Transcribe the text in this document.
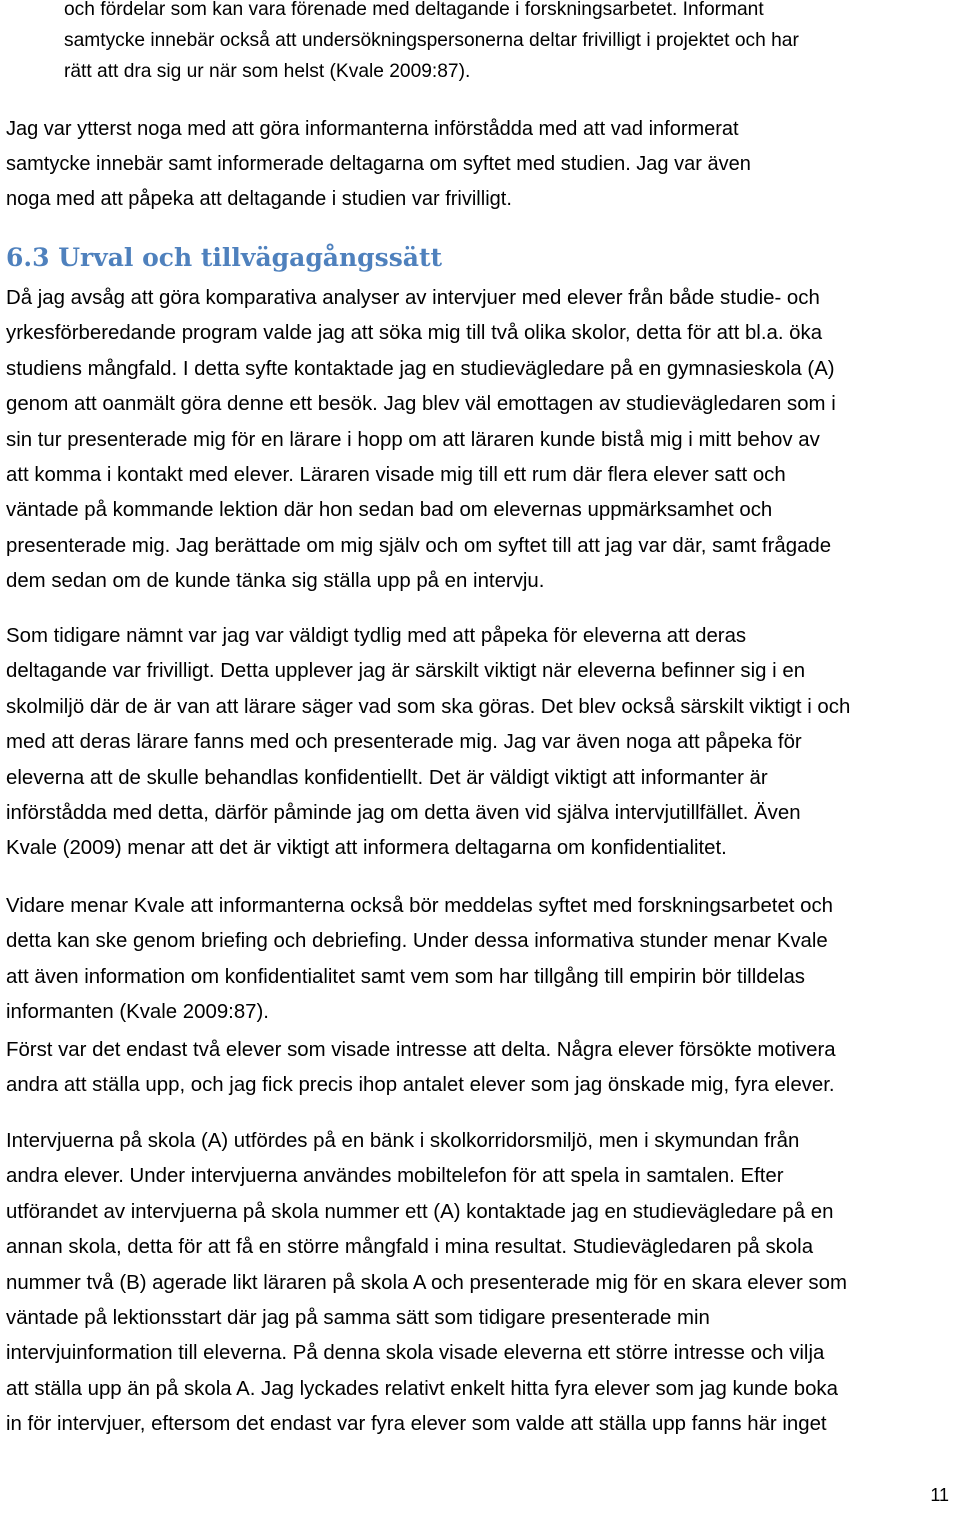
och fördelar som kan vara förenade med deltagande i forskningsarbetet. Informant
samtycke innebär också att undersökningspersonerna deltar frivilligt i projektet och har
rätt att dra sig ur när som helst (Kvale 2009:87).
Jag var ytterst noga med att göra informanterna införstådda med att vad informerat
samtycke innebär samt informerade deltagarna om syftet med studien. Jag var även
noga med att påpeka att deltagande i studien var frivilligt.
6.3 Urval och tillvägagångssätt
Då jag avsåg att göra komparativa analyser av intervjuer med elever från både studie- och
yrkesförberedande program valde jag att söka mig till två olika skolor, detta för att bl.a. öka
studiens mångfald. I detta syfte kontaktade jag en studievägledare på en gymnasieskola (A)
genom att oanmält göra denne ett besök. Jag blev väl emottagen av studievägledaren som i
sin tur presenterade mig för en lärare i hopp om att läraren kunde bistå mig i mitt behov av
att komma i kontakt med elever. Läraren visade mig till ett rum där flera elever satt och
väntade på kommande lektion där hon sedan bad om elevernas uppmärksamhet och
presenterade mig. Jag berättade om mig själv och om syftet till att jag var där, samt frågade
dem sedan om de kunde tänka sig ställa upp på en intervju.
Som tidigare nämnt var jag var väldigt tydlig med att påpeka för eleverna att deras
deltagande var frivilligt. Detta upplever jag är särskilt viktigt när eleverna befinner sig i en
skolmiljö där de är van att lärare säger vad som ska göras. Det blev också särskilt viktigt i och
med att deras lärare fanns med och presenterade mig. Jag var även noga att påpeka för
eleverna att de skulle behandlas konfidentiellt. Det är väldigt viktigt att informanter är
införstådda med detta, därför påminde jag om detta även vid själva intervjutillfället. Även
Kvale (2009) menar att det är viktigt att informera deltagarna om konfidentialitet.
Vidare menar Kvale att informanterna också bör meddelas syftet med forskningsarbetet och
detta kan ske genom briefing och debriefing. Under dessa informativa stunder menar Kvale
att även information om konfidentialitet samt vem som har tillgång till empirin bör tilldelas
informanten (Kvale 2009:87).
Först var det endast två elever som visade intresse att delta. Några elever försökte motivera
andra att ställa upp, och jag fick precis ihop antalet elever som jag önskade mig, fyra elever.
Intervjuerna på skola (A) utfördes på en bänk i skolkorridorsmiljö, men i skymundan från
andra elever. Under intervjuerna användes mobiltelefon för att spela in samtalen. Efter
utförandet av intervjuerna på skola nummer ett (A) kontaktade jag en studievägledare på en
annan skola, detta för att få en större mångfald i mina resultat. Studievägledaren på skola
nummer två (B) agerade likt läraren på skola A och presenterade mig för en skara elever som
väntade på lektionsstart där jag på samma sätt som tidigare presenterade min
intervjuinformation till eleverna. På denna skola visade eleverna ett större intresse och vilja
att ställa upp än på skola A. Jag lyckades relativt enkelt hitta fyra elever som jag kunde boka
in för intervjuer, eftersom det endast var fyra elever som valde att ställa upp fanns här inget

11
